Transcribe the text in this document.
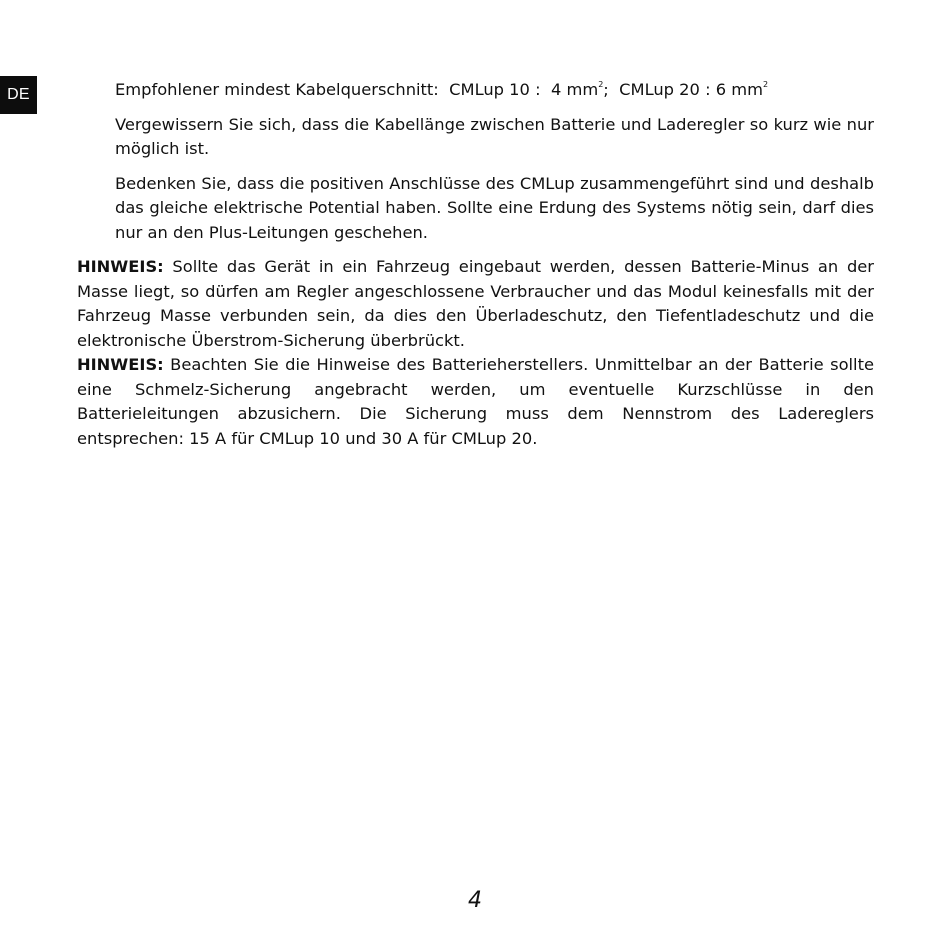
DE	Empfohlener mindest Kabelquerschnitt: CMLup 10 : 4 $mm^2$; CMLup 20 : 6 $mm^2$

Vergewissern Sie sich, dass die Kabellänge zwischen Batterie und Laderegler so kurz wie nur möglich ist.

Bedenken Sie, dass die positiven Anschlüsse des CMLup zusammengeführt sind und deshalb das gleiche elektrische Potential haben. Sollte eine Erdung des Systems nötig sein, darf dies nur an den Plus-Leitungen geschehen.

HINWEIS: Sollte das Gerät in ein Fahrzeug eingebaut werden, dessen Batterie-Minus an der Masse liegt, so dürfen am Regler angeschlossene Verbraucher und das Modul keinesfalls mit der Fahrzeug Masse verbunden sein, da dies den Überladeschutz, den Tiefentladeschutz und die elektronische Überstrom-Sicherung überbrückt.

HINWEIS: Beachten Sie die Hinweise des Batterieherstellers. Unmittelbar an der Batterie sollte eine Schmelz-Sicherung angebracht werden, um eventuelle Kurzschlüsse in den Batterieleitungen abzusichern. Die Sicherung muss dem Nennstrom des Ladereglers entsprechen: 15 A für CMLup 10 und 30 A für CMLup 20.

4
